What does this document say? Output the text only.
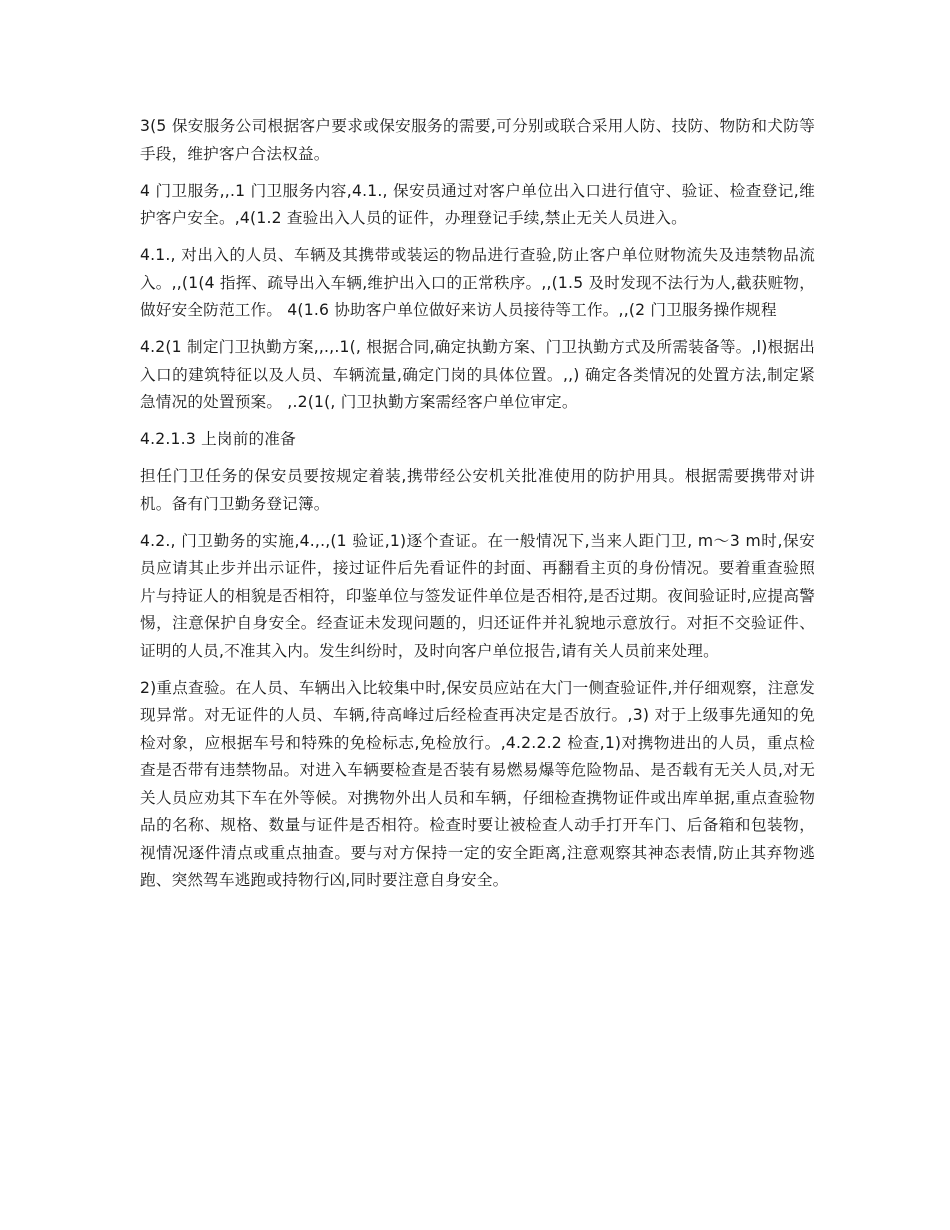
3(5 保安服务公司根据客户要求或保安服务的需要,可分别或联合采用人防、技防、物防和犬防等手段，维护客户合法权益。

4 门卫服务,,.1 门卫服务内容,4.1., 保安员通过对客户单位出入口进行值守、验证、检查登记,维护客户安全。,4(1.2 查验出入人员的证件，办理登记手续,禁止无关人员进入。

4.1., 对出入的人员、车辆及其携带或装运的物品进行查验,防止客户单位财物流失及违禁物品流入。,,(1(4 指挥、疏导出入车辆,维护出入口的正常秩序。,,(1.5 及时发现不法行为人,截获赃物，做好安全防范工作。 4(1.6 协助客户单位做好来访人员接待等工作。,,(2 门卫服务操作规程

4.2(1 制定门卫执勤方案,,.,.1(, 根据合同,确定执勤方案、门卫执勤方式及所需装备等。,l)根据出入口的建筑特征以及人员、车辆流量,确定门岗的具体位置。,,) 确定各类情况的处置方法,制定紧急情况的处置预案。 ,.2(1(, 门卫执勤方案需经客户单位审定。

4.2.1.3 上岗前的准备

担任门卫任务的保安员要按规定着装,携带经公安机关批准使用的防护用具。根据需要携带对讲机。备有门卫勤务登记簿。

4.2., 门卫勤务的实施,4.,.,(1 验证,1)逐个查证。在一般情况下,当来人距门卫, m～3 m时,保安员应请其止步并出示证件，接过证件后先看证件的封面、再翻看主页的身份情况。要着重查验照片与持证人的相貌是否相符，印鉴单位与签发证件单位是否相符,是否过期。夜间验证时,应提高警惕，注意保护自身安全。经查证未发现问题的，归还证件并礼貌地示意放行。对拒不交验证件、证明的人员,不准其入内。发生纠纷时，及时向客户单位报告,请有关人员前来处理。

2)重点查验。在人员、车辆出入比较集中时,保安员应站在大门一侧查验证件,并仔细观察，注意发现异常。对无证件的人员、车辆,待高峰过后经检查再决定是否放行。,3) 对于上级事先通知的免检对象，应根据车号和特殊的免检标志,免检放行。,4.2.2.2 检查,1)对携物进出的人员，重点检查是否带有违禁物品。对进入车辆要检查是否装有易燃易爆等危险物品、是否载有无关人员,对无关人员应劝其下车在外等候。对携物外出人员和车辆，仔细检查携物证件或出库单据,重点查验物品的名称、规格、数量与证件是否相符。检查时要让被检查人动手打开车门、后备箱和包装物，视情况逐件清点或重点抽查。要与对方保持一定的安全距离,注意观察其神态表情,防止其弃物逃跑、突然驾车逃跑或持物行凶,同时要注意自身安全。
